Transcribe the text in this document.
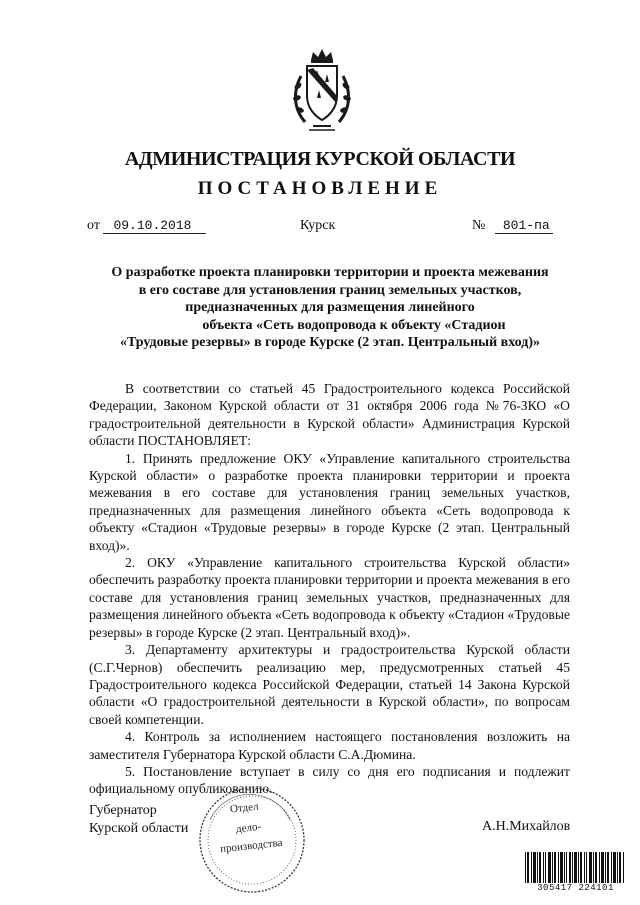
АДМИНИСТРАЦИЯ КУРСКОЙ ОБЛАСТИ
ПОСТАНОВЛЕНИЕ
от 09.10.2018	Курск	№ 801-па
О разработке проекта планировки территории и проекта межевания
в его составе для установления границ земельных участков,
предназначенных для размещения линейного
объекта «Сеть водопровода к объекту «Стадион
«Трудовые резервы» в городе Курске (2 этап. Центральный вход)»

В соответствии со статьей 45 Градостроительного кодекса Российской Федерации, Законом Курской области от 31 октября 2006 года №76-ЗКО «О градостроительной деятельности в Курской области» Администрация Курской области ПОСТАНОВЛЯЕТ:

1. Принять предложение ОКУ «Управление капитального строительства Курской области» о разработке проекта планировки территории и проекта межевания в его составе для установления границ земельных участков, предназначенных для размещения линейного объекта «Сеть водопровода к объекту «Стадион «Трудовые резервы» в городе Курске (2 этап. Центральный вход)».

2. ОКУ «Управление капитального строительства Курской области» обеспечить разработку проекта планировки территории и проекта межевания в его составе для установления границ земельных участков, предназначенных для размещения линейного объекта «Сеть водопровода к объекту «Стадион «Трудовые резервы» в городе Курске (2 этап. Центральный вход)».

3. Департаменту архитектуры и градостроительства Курской области (С.Г.Чернов) обеспечить реализацию мер, предусмотренных статьей 45 Градостроительного кодекса Российской Федерации, статьей 14 Закона Курской области «О градостроительной деятельности в Курской области», по вопросам своей компетенции.

4. Контроль за исполнением настоящего постановления возложить на заместителя Губернатора Курской области С.А.Дюмина.

5. Постановление вступает в силу со дня его подписания и подлежит официальному опубликованию.

Губернатор
Курской области	А.Н.Михайлов
Отдел
дело-
производства
305417 224101
